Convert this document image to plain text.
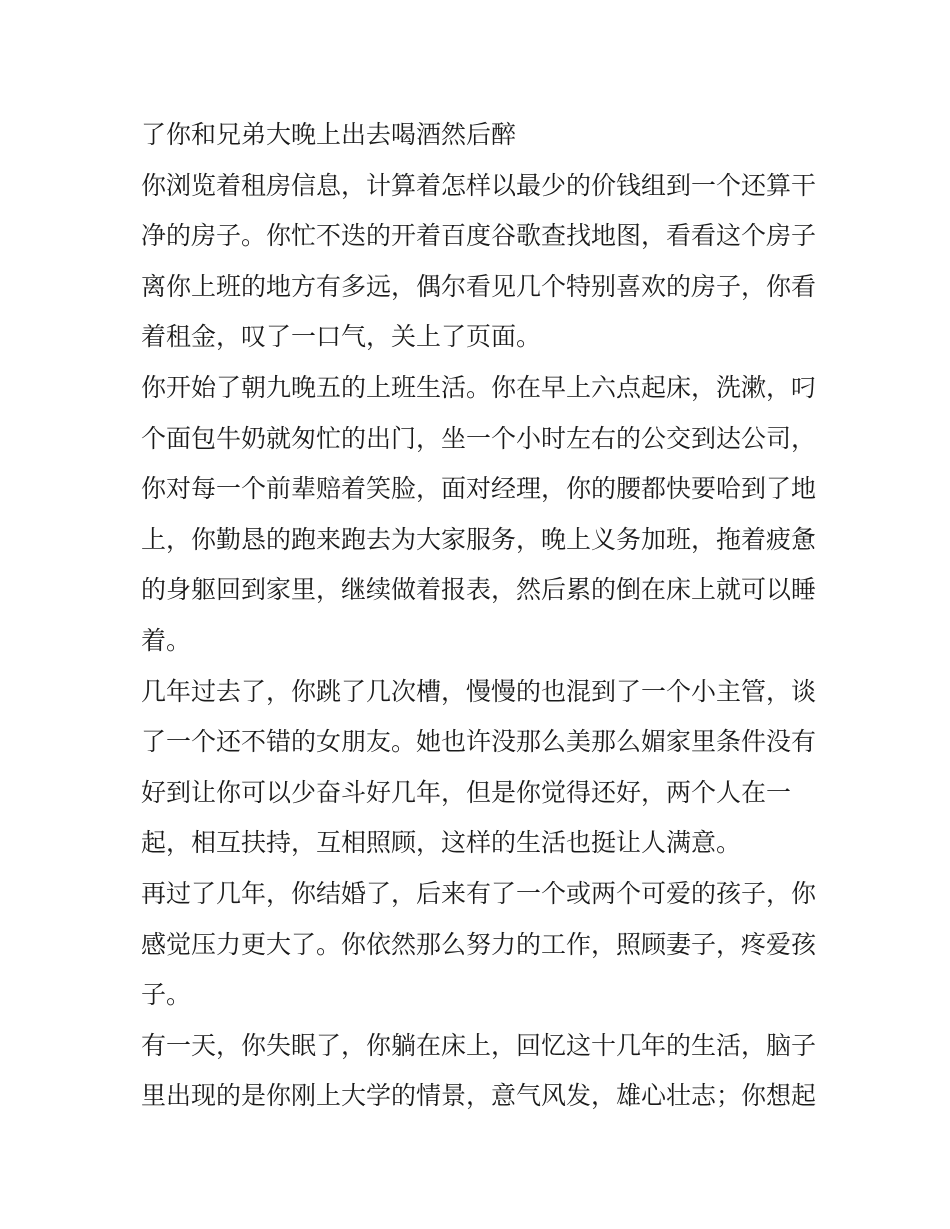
了你和兄弟大晚上出去喝酒然后醉
你浏览着租房信息，计算着怎样以最少的价钱组到一个还算干
净的房子。你忙不迭的开着百度谷歌查找地图，看看这个房子
离你上班的地方有多远，偶尔看见几个特别喜欢的房子，你看
着租金，叹了一口气，关上了页面。
你开始了朝九晚五的上班生活。你在早上六点起床，洗漱，叼
个面包牛奶就匆忙的出门，坐一个小时左右的公交到达公司，
你对每一个前辈赔着笑脸，面对经理，你的腰都快要哈到了地
上，你勤恳的跑来跑去为大家服务，晚上义务加班，拖着疲惫
的身躯回到家里，继续做着报表，然后累的倒在床上就可以睡
着。
几年过去了，你跳了几次槽，慢慢的也混到了一个小主管，谈
了一个还不错的女朋友。她也许没那么美那么媚家里条件没有
好到让你可以少奋斗好几年，但是你觉得还好，两个人在一
起，相互扶持，互相照顾，这样的生活也挺让人满意。
再过了几年，你结婚了，后来有了一个或两个可爱的孩子，你
感觉压力更大了。你依然那么努力的工作，照顾妻子，疼爱孩
子。
有一天，你失眠了，你躺在床上，回忆这十几年的生活，脑子
里出现的是你刚上大学的情景，意气风发，雄心壮志；你想起
